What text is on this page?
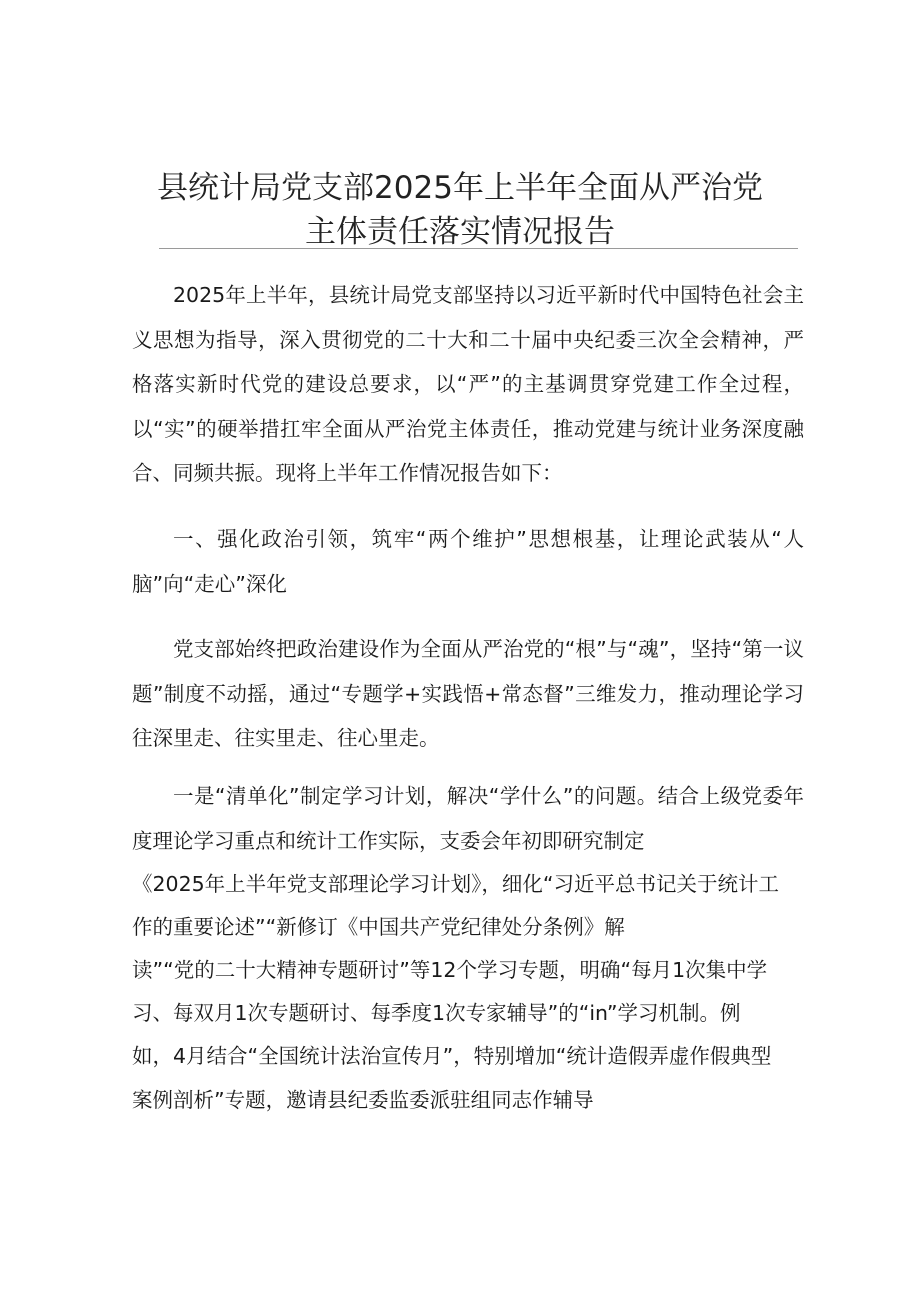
县统计局党支部2025年上半年全面从严治党
主体责任落实情况报告

2025年上半年，县统计局党支部坚持以习近平新时代中国特色社会主义思想为指导，深入贯彻党的二十大和二十届中央纪委三次全会精神，严格落实新时代党的建设总要求，以“严”的主基调贯穿党建工作全过程，以“实”的硬举措扛牢全面从严治党主体责任，推动党建与统计业务深度融合、同频共振。现将上半年工作情况报告如下：

一、强化政治引领，筑牢“两个维护”思想根基，让理论武装从“人脑”向“走心”深化

党支部始终把政治建设作为全面从严治党的“根”与“魂”，坚持“第一议题”制度不动摇，通过“专题学+实践悟+常态督”三维发力，推动理论学习往深里走、往实里走、往心里走。

一是“清单化”制定学习计划，解决“学什么”的问题。结合上级党委年度理论学习重点和统计工作实际，支委会年初即研究制定

《2025年上半年党支部理论学习计划》，细化“习近平总书记关于统计工
作的重要论述”“新修订《中国共产党纪律处分条例》解
读”“党的二十大精神专题研讨”等12个学习专题，明确“每月1次集中学
习、每双月1次专题研讨、每季度1次专家辅导”的“in”学习机制。例
如，4月结合“全国统计法治宣传月”，特别增加“统计造假弄虚作假典型
案例剖析”专题，邀请县纪委监委派驻组同志作辅导
